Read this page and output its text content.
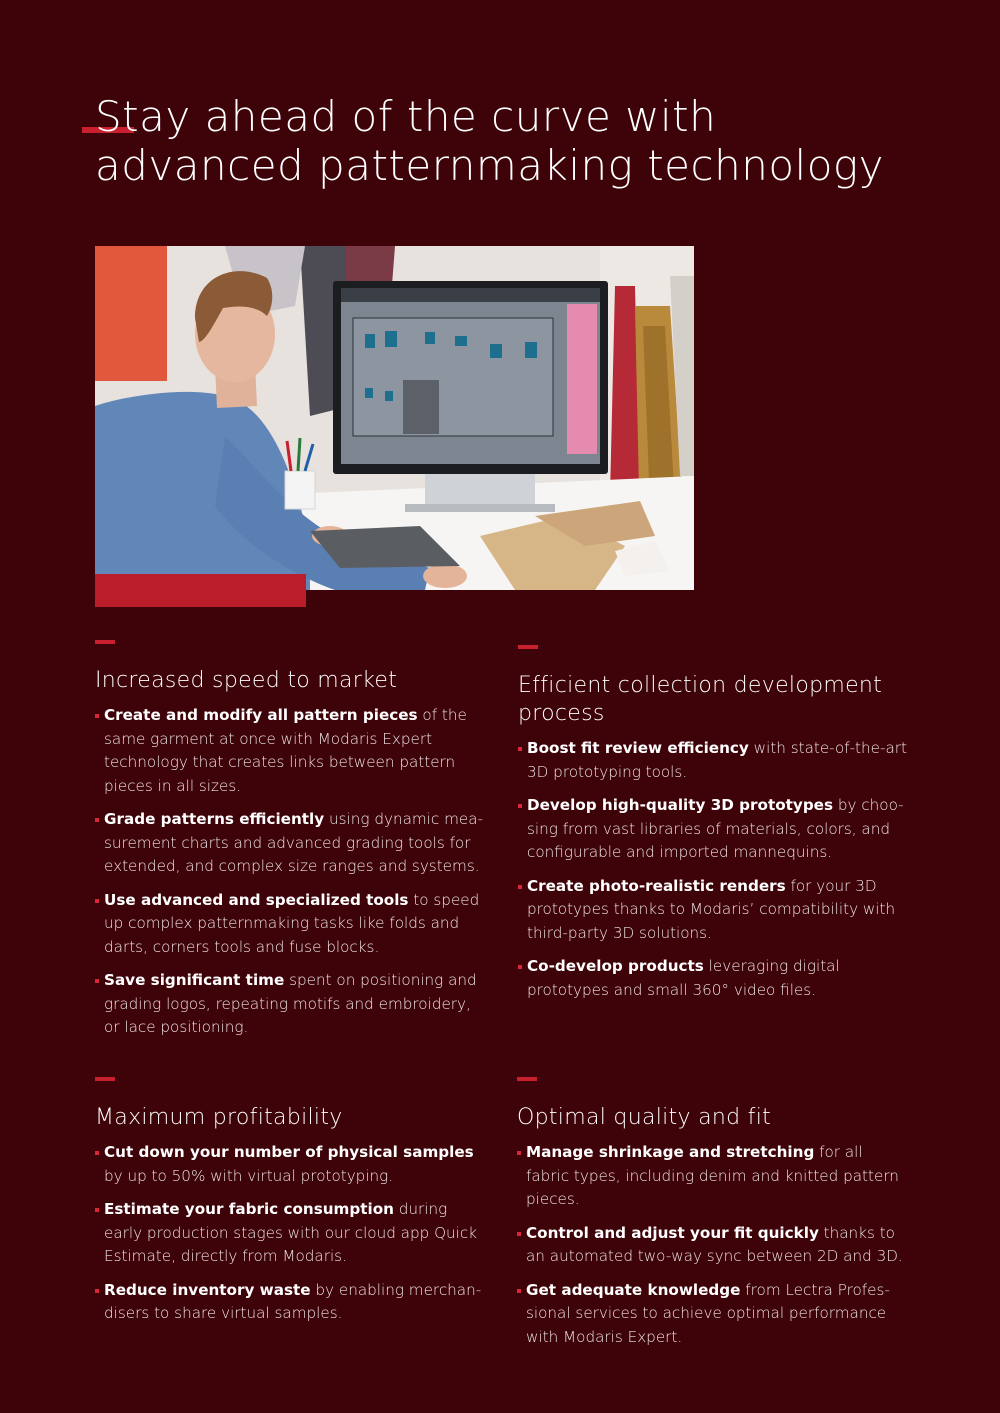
Stay ahead of the curve with
advanced patternmaking technology
Increased speed to market
Create and modify all pattern pieces of the same garment at once with Modaris Expert technology that creates links between pattern pieces in all sizes.
Grade patterns efficiently using dynamic mea-surement charts and advanced grading tools for extended, and complex size ranges and systems.
Use advanced and specialized tools to speed up complex patternmaking tasks like folds and darts, corners tools and fuse blocks.
Save significant time spent on positioning and grading logos, repeating motifs and embroidery, or lace positioning.
Efficient collection development process
Boost fit review efficiency with state-of-the-art 3D prototyping tools.
Develop high-quality 3D prototypes by choo-sing from vast libraries of materials, colors, and configurable and imported mannequins.
Create photo-realistic renders for your 3D prototypes thanks to Modaris’ compatibility with third-party 3D solutions.
Co-develop products leveraging digital prototypes and small 360° video files.
Maximum profitability
Cut down your number of physical samples by up to 50% with virtual prototyping.
Estimate your fabric consumption during early production stages with our cloud app Quick Estimate, directly from Modaris.
Reduce inventory waste by enabling merchan-disers to share virtual samples.
Optimal quality and fit
Manage shrinkage and stretching for all fabric types, including denim and knitted pattern pieces.
Control and adjust your fit quickly thanks to an automated two-way sync between 2D and 3D.
Get adequate knowledge from Lectra Profes-sional services to achieve optimal performance with Modaris Expert.
